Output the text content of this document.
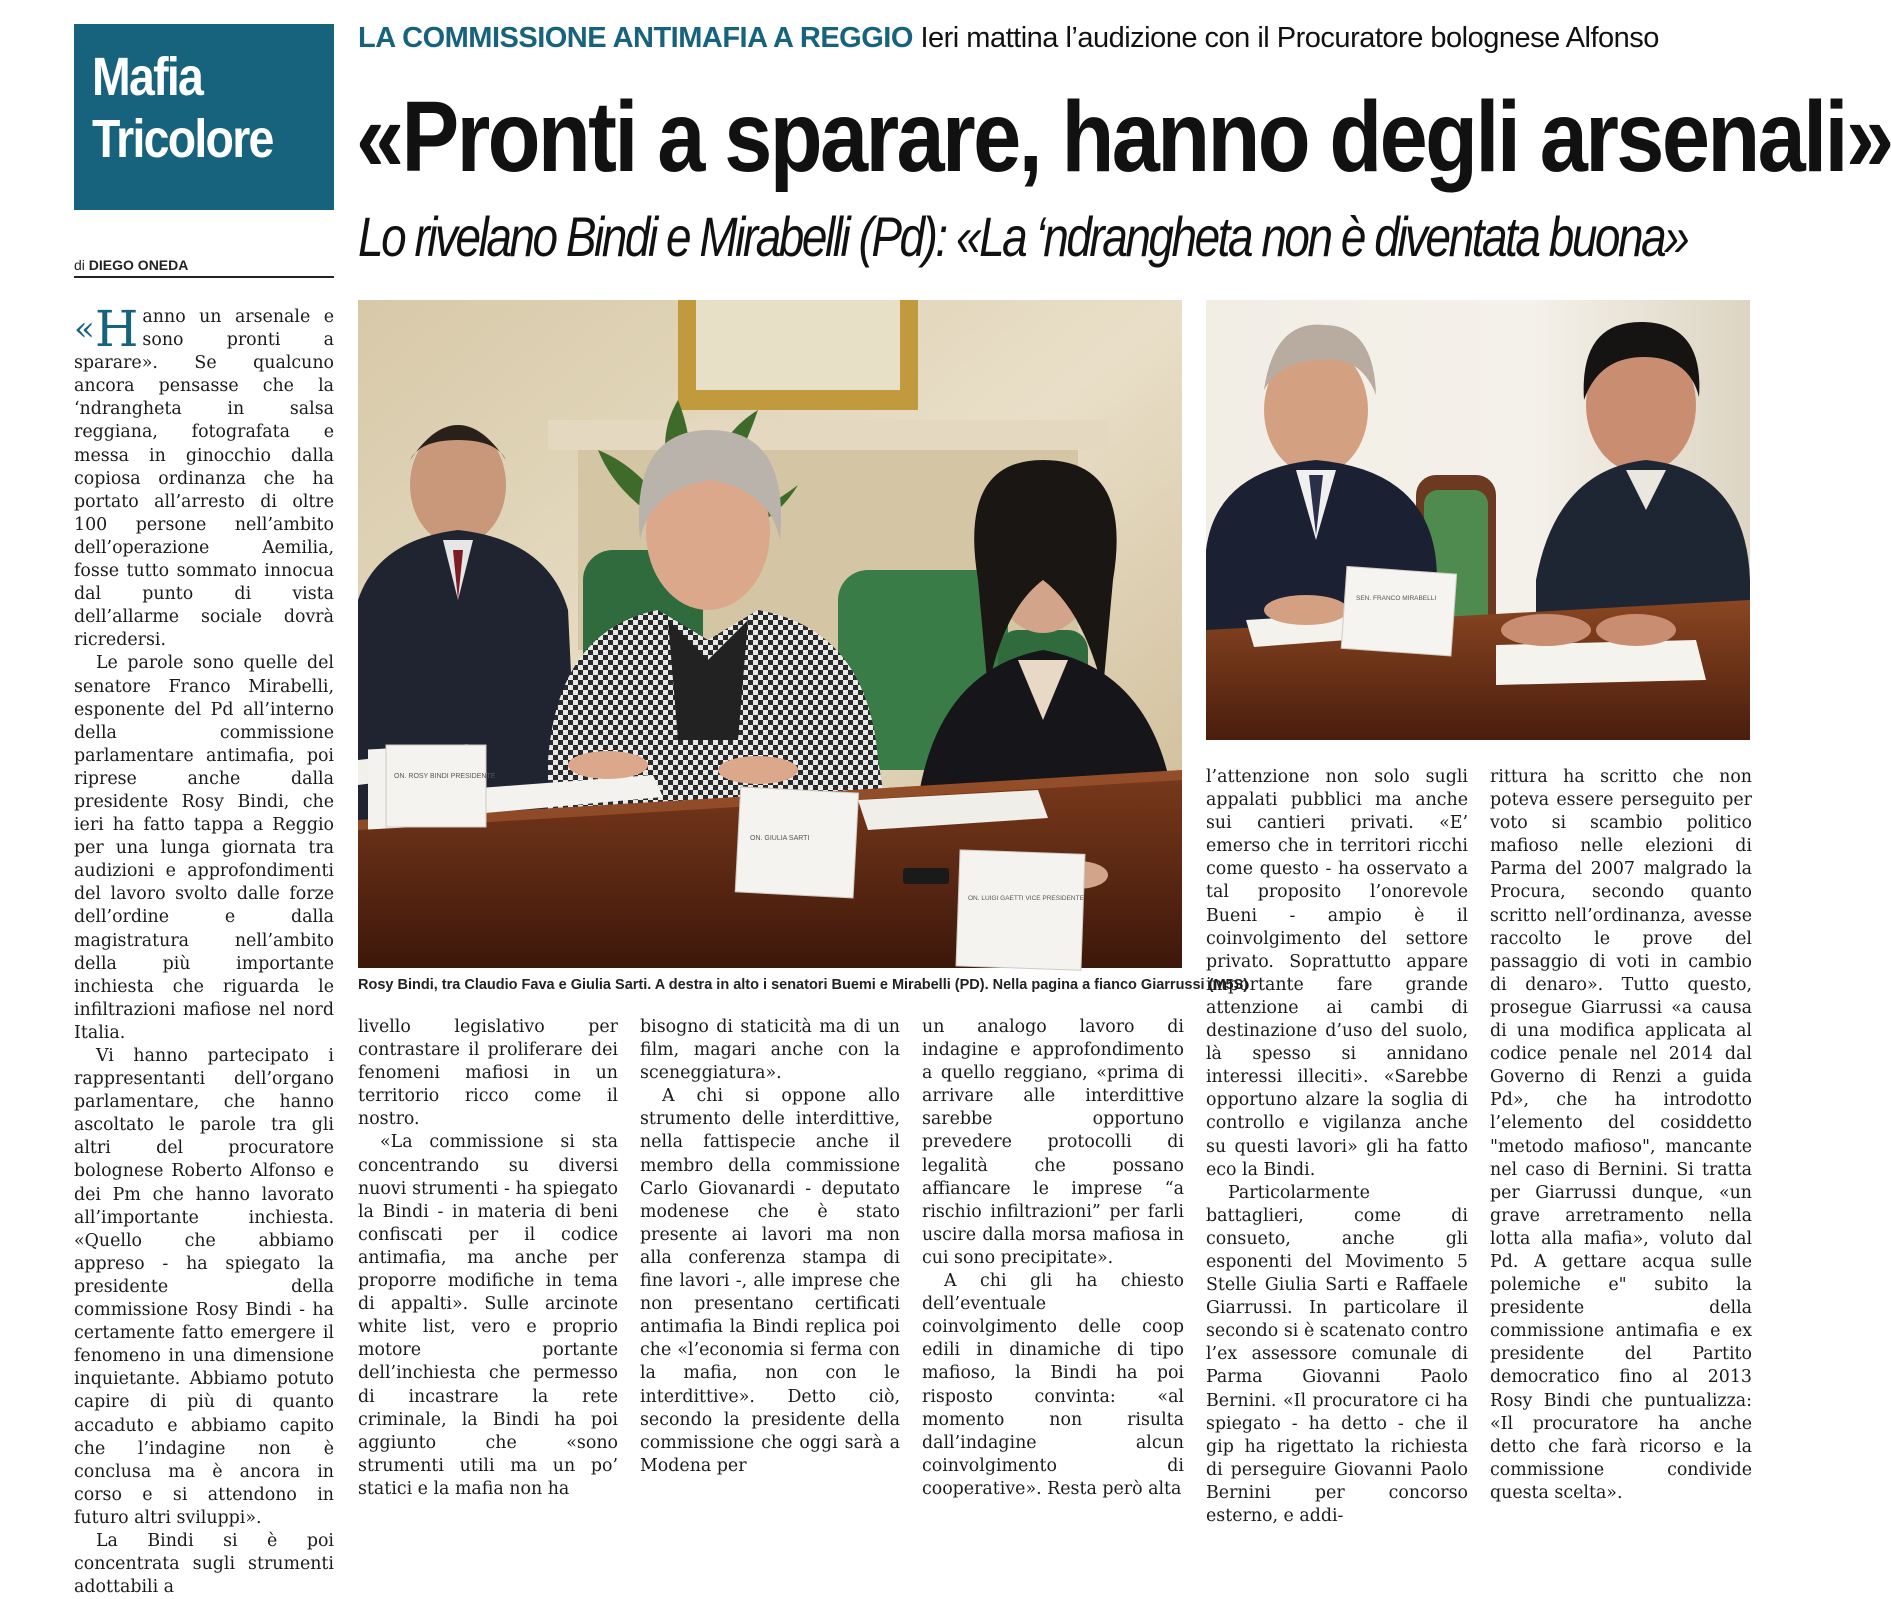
Mafia
Tricolore
di DIEGO ONEDA
LA COMMISSIONE ANTIMAFIA A REGGIO Ieri mattina l’audizione con il Procuratore bolognese Alfonso
«Pronti a sparare, hanno degli arsenali»
Lo rivelano Bindi e Mirabelli (Pd): «La ‘ndrangheta non è diventata buona»
ON. ROSY BINDI PRESIDENTE
ON. GIULIA SARTI
ON. LUIGI GAETTI VICE PRESIDENTE
SEN. FRANCO MIRABELLI
Rosy Bindi, tra Claudio Fava e Giulia Sarti. A destra in alto i senatori Buemi e Mirabelli (PD). Nella pagina a fianco Giarrussi (M5S)

«H anno un arsenale e sono pronti a sparare». Se qualcuno ancora pensasse che la ‘ndrangheta in salsa reggiana, fotografata e messa in ginocchio dalla copiosa ordinanza che ha portato all’arresto di oltre 100 persone nell’ambito dell’operazione Aemilia, fosse tutto sommato innocua dal punto di vista dell’allarme sociale dovrà ricredersi.

Le parole sono quelle del senatore Franco Mirabelli, esponente del Pd all’interno della commissione parlamentare antimafia, poi riprese anche dalla presidente Rosy Bindi, che ieri ha fatto tappa a Reggio per una lunga giornata tra audizioni e approfondimenti del lavoro svolto dalle forze dell’ordine e dalla magistratura nell’ambito della più importante inchiesta che riguarda le infiltrazioni mafiose nel nord Italia.

Vi hanno partecipato i rappresentanti dell’organo parlamentare, che hanno ascoltato le parole tra gli altri del procuratore bolognese Roberto Alfonso e dei Pm che hanno lavorato all’importante inchiesta. «Quello che abbiamo appreso - ha spiegato la presidente della commissione Rosy Bindi - ha certamente fatto emergere il fenomeno in una dimensione inquietante. Abbiamo potuto capire di più di quanto accaduto e abbiamo capito che l’indagine non è conclusa ma è ancora in corso e si attendono in futuro altri sviluppi».

La Bindi si è poi concentrata sugli strumenti adottabili a

livello legislativo per contrastare il proliferare dei fenomeni mafiosi in un territorio ricco come il nostro.

«La commissione si sta concentrando su diversi nuovi strumenti - ha spiegato la Bindi - in materia di beni confiscati per il codice antimafia, ma anche per proporre modifiche in tema di appalti». Sulle arcinote white list, vero e proprio motore portante dell’inchiesta che permesso di incastrare la rete criminale, la Bindi ha poi aggiunto che «sono strumenti utili ma un po’ statici e la mafia non ha

bisogno di staticità ma di un film, magari anche con la sceneggiatura».

A chi si oppone allo strumento delle interdittive, nella fattispecie anche il membro della commissione Carlo Giovanardi - deputato modenese che è stato presente ai lavori ma non alla conferenza stampa di fine lavori -, alle imprese che non presentano certificati antimafia la Bindi replica poi che «l’economia si ferma con la mafia, non con le interdittive». Detto ciò, secondo la presidente della commissione che oggi sarà a Modena per

un analogo lavoro di indagine e approfondimento a quello reggiano, «prima di arrivare alle interdittive sarebbe opportuno prevedere protocolli di legalità che possano affiancare le imprese “a rischio infiltrazioni” per farli uscire dalla morsa mafiosa in cui sono precipitate».

A chi gli ha chiesto dell’eventuale coinvolgimento delle coop edili in dinamiche di tipo mafioso, la Bindi ha poi risposto convinta: «al momento non risulta dall’indagine alcun coinvolgimento di cooperative». Resta però alta

l’attenzione non solo sugli appalati pubblici ma anche sui cantieri privati. «E’ emerso che in territori ricchi come questo - ha osservato a tal proposito l’onorevole Bueni - ampio è il coinvolgimento del settore privato. Soprattutto appare importante fare grande attenzione ai cambi di destinazione d’uso del suolo, là spesso si annidano interessi illeciti». «Sarebbe opportuno alzare la soglia di controllo e vigilanza anche su questi lavori» gli ha fatto eco la Bindi.

Particolarmente battaglieri, come di consueto, anche gli esponenti del Movimento 5 Stelle Giulia Sarti e Raffaele Giarrussi. In particolare il secondo si è scatenato contro l’ex assessore comunale di Parma Giovanni Paolo Bernini. «Il procuratore ci ha spiegato - ha detto - che il gip ha rigettato la richiesta di perseguire Giovanni Paolo Bernini per concorso esterno, e addi-

rittura ha scritto che non poteva essere perseguito per voto si scambio politico mafioso nelle elezioni di Parma del 2007 malgrado la Procura, secondo quanto scritto nell’ordinanza, avesse raccolto le prove del passaggio di voti in cambio di denaro». Tutto questo, prosegue Giarrussi «a causa di una modifica applicata al codice penale nel 2014 dal Governo di Renzi a guida Pd», che ha introdotto l’elemento del cosiddetto "metodo mafioso", mancante nel caso di Bernini. Si tratta per Giarrussi dunque, «un grave arretramento nella lotta alla mafia», voluto dal Pd. A gettare acqua sulle polemiche e" subito la presidente della commissione antimafia e ex presidente del Partito democratico fino al 2013 Rosy Bindi che puntualizza: «Il procuratore ha anche detto che farà ricorso e la commissione condivide questa scelta».
